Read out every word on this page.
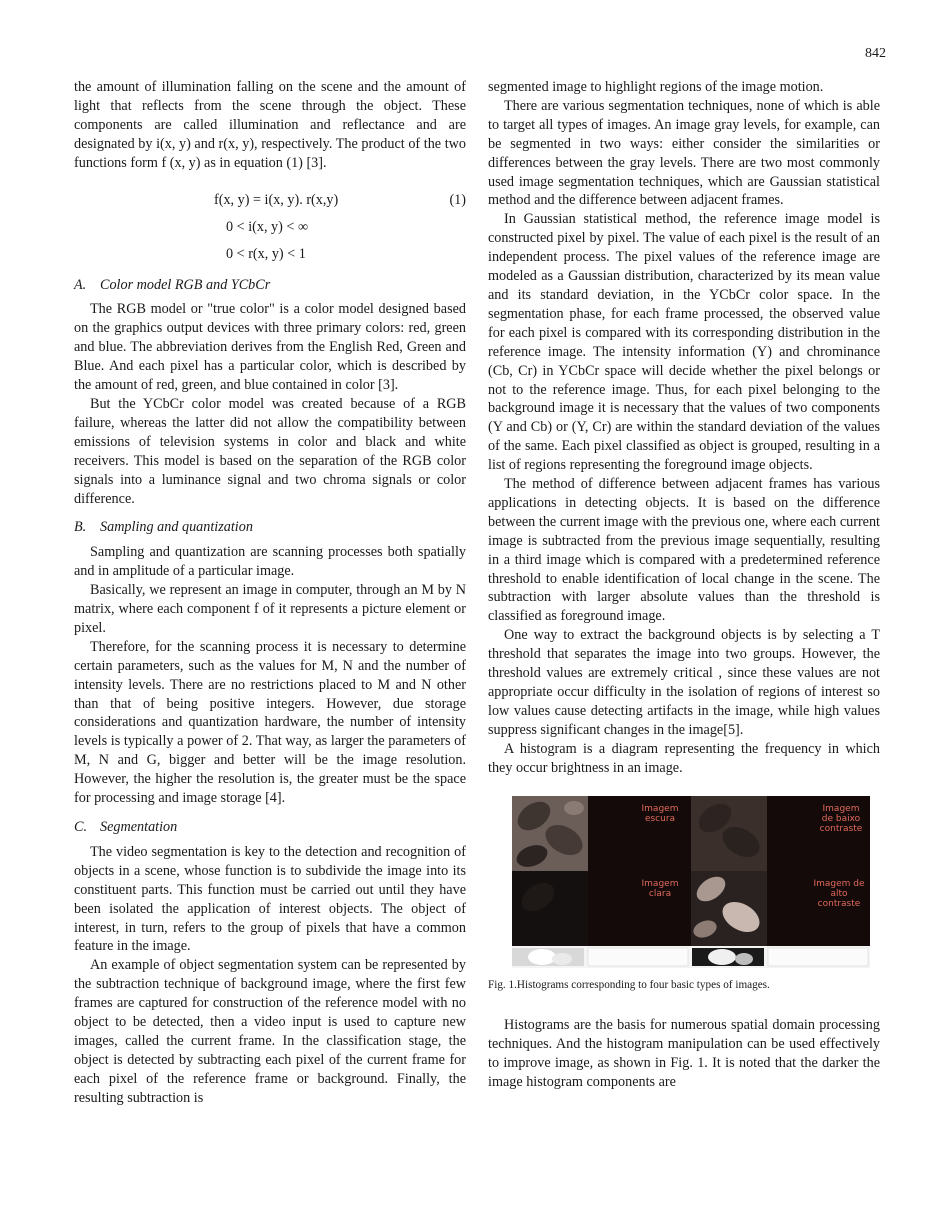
842

the amount of illumination falling on the scene and the amount of light that reflects from the scene through the object. These components are called illumination and reflectance and are designated by i(x, y) and r(x, y), respectively. The product of the two functions form f (x, y) as in equation (1) [3].

f(x, y) = i(x, y). r(x,y)	(1)
0 < i(x, y) < ∞
0 < r(x, y) < 1
A. Color model RGB and YCbCr

The RGB model or "true color" is a color model designed based on the graphics output devices with three primary colors: red, green and blue. The abbreviation derives from the English Red, Green and Blue. And each pixel has a particular color, which is described by the amount of red, green, and blue contained in color [3].

But the YCbCr color model was created because of a RGB failure, whereas the latter did not allow the compatibility between emissions of television systems in color and black and white receivers. This model is based on the separation of the RGB color signals into a luminance signal and two chroma signals or color difference.

B. Sampling and quantization

Sampling and quantization are scanning processes both spatially and in amplitude of a particular image.

Basically, we represent an image in computer, through an M by N matrix, where each component f of it represents a picture element or pixel.

Therefore, for the scanning process it is necessary to determine certain parameters, such as the values for M, N and the number of intensity levels. There are no restrictions placed to M and N other than that of being positive integers. However, due storage considerations and quantization hardware, the number of intensity levels is typically a power of 2. That way, as larger the parameters of M, N and G, bigger and better will be the image resolution. However, the higher the resolution is, the greater must be the space for processing and image storage [4].

C. Segmentation

The video segmentation is key to the detection and recognition of objects in a scene, whose function is to subdivide the image into its constituent parts. This function must be carried out until they have been isolated the application of interest objects. The object of interest, in turn, refers to the group of pixels that have a common feature in the image.

An example of object segmentation system can be represented by the subtraction technique of background image, where the first few frames are captured for construction of the reference model with no object to be detected, then a video input is used to capture new images, called the current frame. In the classification stage, the object is detected by subtracting each pixel of the current frame for each pixel of the reference frame or background. Finally, the resulting subtraction is

segmented image to highlight regions of the image motion.

There are various segmentation techniques, none of which is able to target all types of images. An image gray levels, for example, can be segmented in two ways: either consider the similarities or differences between the gray levels. There are two most commonly used image segmentation techniques, which are Gaussian statistical method and the difference between adjacent frames.

In Gaussian statistical method, the reference image model is constructed pixel by pixel. The value of each pixel is the result of an independent process. The pixel values of the reference image are modeled as a Gaussian distribution, characterized by its mean value and its standard deviation, in the YCbCr color space. In the segmentation phase, for each frame processed, the observed value for each pixel is compared with its corresponding distribution in the reference image. The intensity information (Y) and chrominance (Cb, Cr) in YCbCr space will decide whether the pixel belongs or not to the reference image. Thus, for each pixel belonging to the background image it is necessary that the values of two components (Y and Cb) or (Y, Cr) are within the standard deviation of the values of the same. Each pixel classified as object is grouped, resulting in a list of regions representing the foreground image objects.

The method of difference between adjacent frames has various applications in detecting objects. It is based on the difference between the current image with the previous one, where each current image is subtracted from the previous image sequentially, resulting in a third image which is compared with a predetermined reference threshold to enable identification of local change in the scene. The subtraction with larger absolute values than the threshold is classified as foreground image.

One way to extract the background objects is by selecting a T threshold that separates the image into two groups. However, the threshold values are extremely critical , since these values are not appropriate occur difficulty in the isolation of regions of interest so low values cause detecting artifacts in the image, while high values suppress significant changes in the image[5].

A histogram is a diagram representing the frequency in which they occur brightness in an image.

Imagem escura
Imagem de baixo contraste
Imagem clara
Imagem de alto contraste
Fig. 1.Histograms corresponding to four basic types of images.

Histograms are the basis for numerous spatial domain processing techniques. And the histogram manipulation can be used effectively to improve image, as shown in Fig. 1. It is noted that the darker the image histogram components are
